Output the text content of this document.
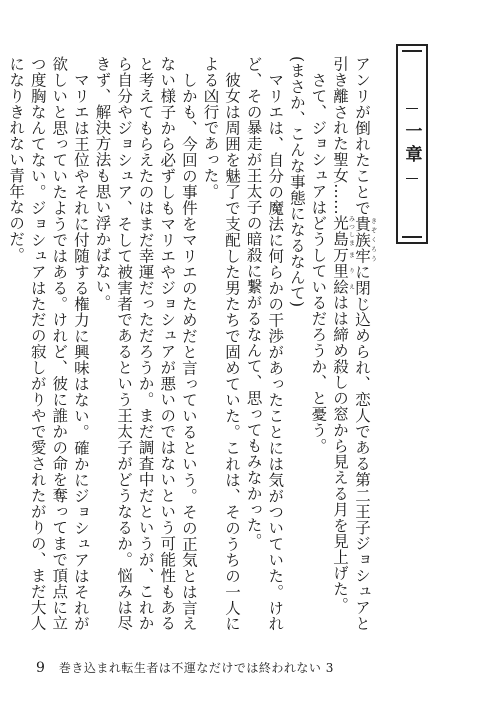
一章

アンリが倒れたことで貴族牢きぞくろうに閉じ込められ、恋人である第二王子ジョシュアと引き離された聖女……光島みつしま万里絵まりえはは締め殺しの窓から見える月を見上げた。

さて、ジョシュアはどうしているだろうか、と憂う。

(まさか、こんな事態になるなんて)

マリエは、自分の魔法に何らかの干渉があったことには気がついていた。けれど、その暴走が王太子の暗殺に繋がるなんて、思ってもみなかった。

彼女は周囲を魅了で支配した男たちで固めていた。これは、そのうちの一人による凶行であった。

しかも、今回の事件をマリエのためだと言っているという。その正気とは言えない様子から必ずしもマリエやジョシュアが悪いのではないという可能性もあると考えてもらえたのはまだ幸運だっただろうか。まだ調査中だというが、これから自分やジョシュア、そして被害者であるという王太子がどうなるか。悩みは尽きず、解決方法も思い浮かばない。

マリエは王位やそれに付随する権力に興味はない。確かにジョシュアはそれが欲しいと思っていたようではある。けれど、彼に誰かの命を奪ってまで頂点に立つ度胸なんてない。ジョシュアはただの寂しがりやで愛されたがりの、まだ大人になりきれない青年なのだ。

9 巻き込まれ転生者は不運なだけでは終われない 3
